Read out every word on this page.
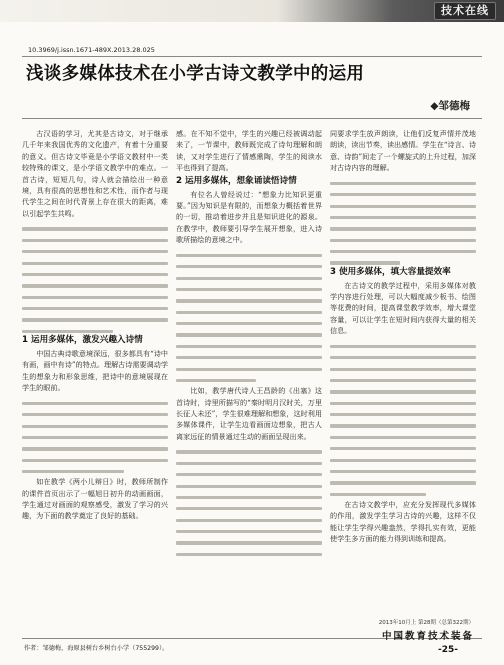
技术在线
10.3969/j.issn.1671-489X.2013.28.025
浅谈多媒体技术在小学古诗文教学中的运用
◆邹德梅

古汉语的学习，尤其是古诗文，对于继承几千年来我国优秀的文化遗产，有着十分重要的意义。但古诗文毕竟是小学语文教材中一类较特殊的课文，是小学语文教学中的难点。一首古诗，短短几句，诗人就会描绘出一种意境，具有很高的思想性和艺术性，而作者与现代学生之间在时代背景上存在很大的距离，难以引起学生共鸣。

1 运用多媒体，激发兴趣入诗情

中国古典诗歌意境深远，很多都具有“诗中有画，画中有诗”的特点。理解古诗需要调动学生的想象力和形象思维，把诗中的意境展现在学生的眼前。

如在教学《两小儿辩日》时，教师所制作的课件首页出示了一幅旭日初升的动画画面，学生通过对画面的观察感受，激发了学习的兴趣，为下面的教学奠定了良好的基础。

感。在不知不觉中，学生的兴趣已经被调动起来了，一节课中，教师既完成了诗句理解和朗读，又对学生进行了情感熏陶，学生的阅读水平也得到了提高。

2 运用多媒体，想象诵读悟诗情

有位名人曾经说过：“想象力比知识更重要。”因为知识是有限的，而想象力概括着世界的一切，推动着进步并且是知识进化的源泉。在教学中，教师要引导学生展开想象，进入诗歌所描绘的意境之中。

比如，教学唐代诗人王昌龄的《出塞》这首诗时，诗里所描写的“秦时明月汉时关，万里长征人未还”，学生很难理解和想象，这时利用多媒体课件，让学生边看画面边想象，把古人离家远征的情景通过生动的画面呈现出来。

同要求学生放声朗读，让他们反复声情并茂地朗读，读出节奏，读出感情。学生在“诗言、诗意、诗韵”间走了一个螺旋式的上升过程，加深对古诗内容的理解。

3 使用多媒体，填大容量提效率

在古诗文的教学过程中，采用多媒体对教学内容进行处理，可以大幅度减少板书、绘图等花费的时间，提高课堂教学效率，增大课堂容量，可以让学生在短时间内获得大量的相关信息。

在古诗文教学中，应充分发挥现代多媒体的作用，激发学生学习古诗的兴趣，这样不仅能让学生学得兴趣盎然，学得扎实有效，更能使学生多方面的能力得到训练和提高。

作者：邹德梅，海原县树台乡树台小学（755299）。
2013年10月上 第28期（总第322期）
中国教育技术装备
-25-
